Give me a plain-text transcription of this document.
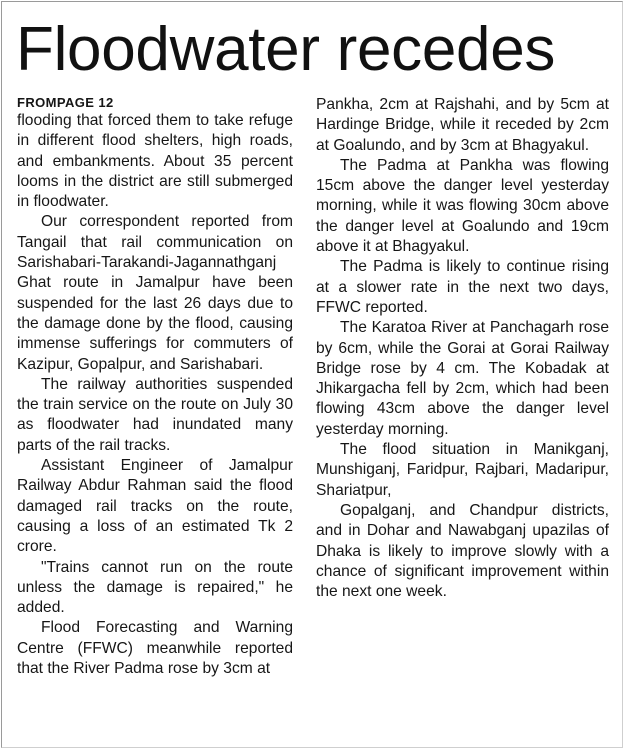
Floodwater recedes
FROMPAGE 12

flooding that forced them to take refuge in different flood shelters, high roads, and embankments. About 35 percent looms in the district are still submerged in floodwater.

Our correspondent reported from Tangail that rail communication on Sarishabari-Tarakandi-Jagannathganj Ghat route in Jamalpur have been suspended for the last 26 days due to the damage done by the flood, causing immense sufferings for commuters of Kazipur, Gopalpur, and Sarishabari.

The railway authorities suspended the train service on the route on July 30 as floodwater had inundated many parts of the rail tracks.

Assistant Engineer of Jamalpur Railway Abdur Rahman said the flood damaged rail tracks on the route, causing a loss of an estimated Tk 2 crore.

"Trains cannot run on the route unless the damage is repaired," he added.

Flood Forecasting and Warning Centre (FFWC) meanwhile reported that the River Padma rose by 3cm at

Pankha, 2cm at Rajshahi, and by 5cm at Hardinge Bridge, while it receded by 2cm at Goalundo, and by 3cm at Bhagyakul.

The Padma at Pankha was flowing 15cm above the danger level yesterday morning, while it was flowing 30cm above the danger level at Goalundo and 19cm above it at Bhagyakul.

The Padma is likely to continue rising at a slower rate in the next two days, FFWC reported.

The Karatoa River at Panchagarh rose by 6cm, while the Gorai at Gorai Railway Bridge rose by 4 cm. The Kobadak at Jhikargacha fell by 2cm, which had been flowing 43cm above the danger level yesterday morning.

The flood situation in Manikganj, Munshiganj, Faridpur, Rajbari, Madaripur, Shariatpur,

Gopalganj, and Chandpur districts, and in Dohar and Nawabganj upazilas of Dhaka is likely to improve slowly with a chance of significant improvement within the next one week.
